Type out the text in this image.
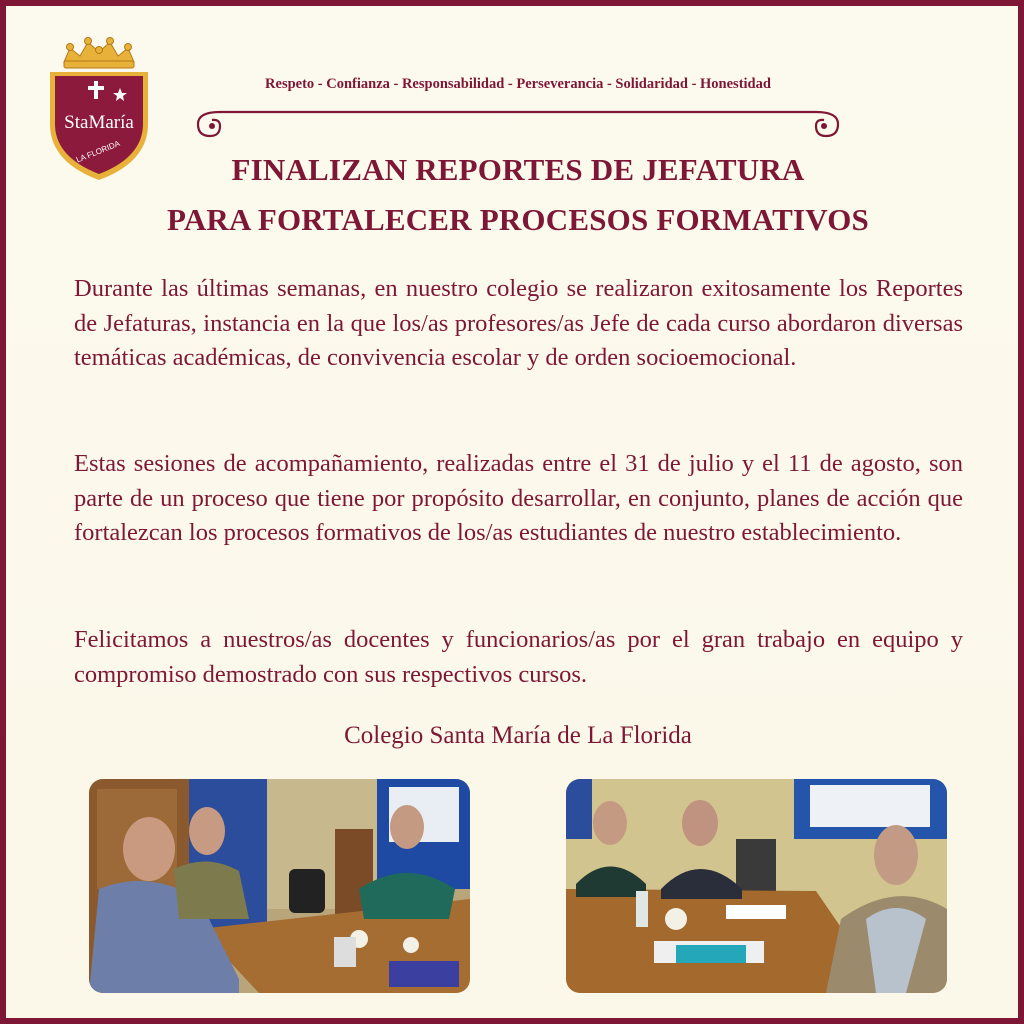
StaMaría
LA FLORIDA
Respeto - Confianza - Responsabilidad - Perseverancia - Solidaridad - Honestidad
FINALIZAN REPORTES DE JEFATURA
PARA FORTALECER PROCESOS FORMATIVOS

Durante las últimas semanas, en nuestro colegio se realizaron exitosamente los Reportes de Jefaturas, instancia en la que los/as profesores/as Jefe de cada curso abordaron diversas temáticas académicas, de convivencia escolar y de orden socioemocional.

Estas sesiones de acompañamiento, realizadas entre el 31 de julio y el 11 de agosto, son parte de un proceso que tiene por propósito desarrollar, en conjunto, planes de acción que fortalezcan los procesos formativos de los/as estudiantes de nuestro establecimiento.

Felicitamos a nuestros/as docentes y funcionarios/as por el gran trabajo en equipo y compromiso demostrado con sus respectivos cursos.

Colegio Santa María de La Florida
